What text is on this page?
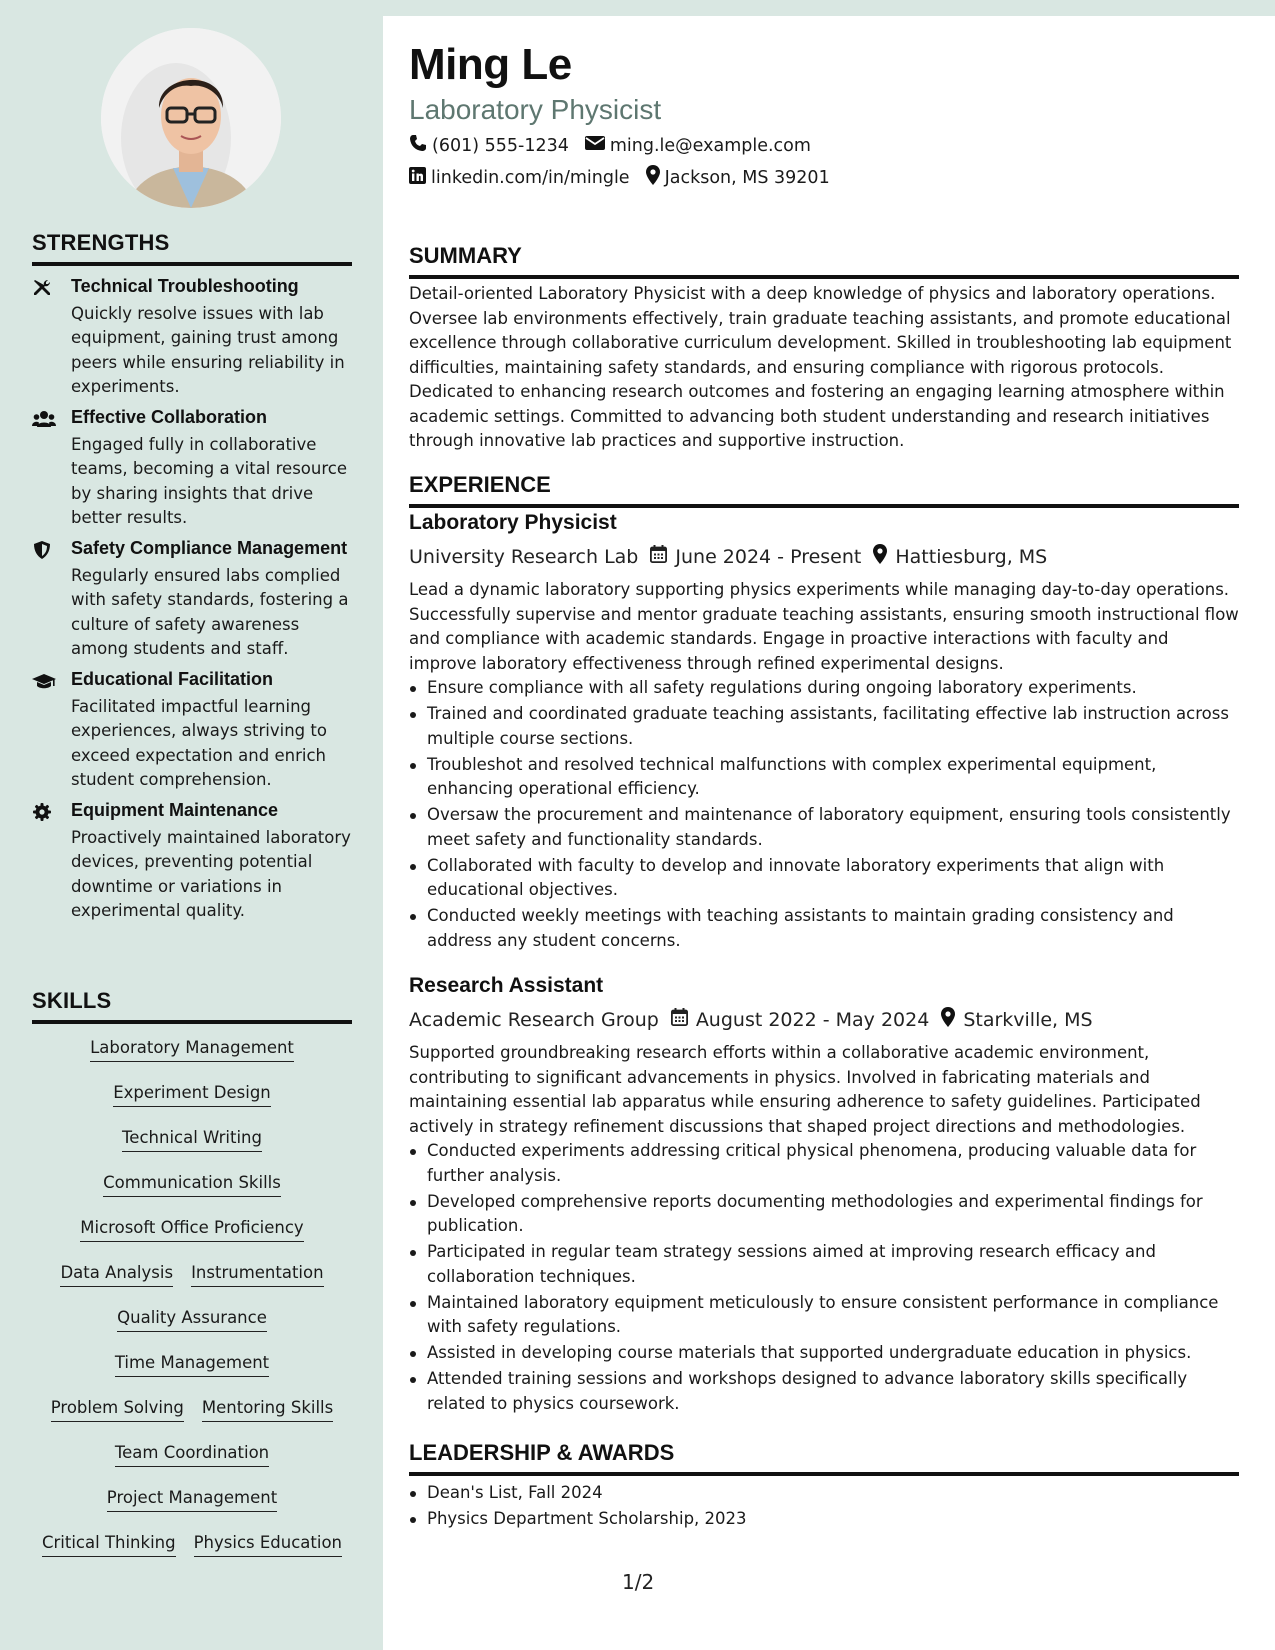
STRENGTHS
Technical Troubleshooting
Quickly resolve issues with lab equipment, gaining trust among peers while ensuring reliability in experiments.
Effective Collaboration
Engaged fully in collaborative teams, becoming a vital resource by sharing insights that drive better results.
Safety Compliance Management
Regularly ensured labs complied with safety standards, fostering a culture of safety awareness among students and staff.
Educational Facilitation
Facilitated impactful learning experiences, always striving to exceed expectation and enrich student comprehension.
Equipment Maintenance
Proactively maintained laboratory devices, preventing potential downtime or variations in experimental quality.
SKILLS
Laboratory Management
Experiment Design
Technical Writing
Communication Skills
Microsoft Office Proficiency
Data Analysis Instrumentation
Quality Assurance
Time Management
Problem Solving Mentoring Skills
Team Coordination
Project Management
Critical Thinking Physics Education
Ming Le
Laboratory Physicist
(601) 555-1234 ming.le@example.com
linkedin.com/in/mingle Jackson, MS 39201
SUMMARY
Detail-oriented Laboratory Physicist with a deep knowledge of physics and laboratory operations. Oversee lab environments effectively, train graduate teaching assistants, and promote educational excellence through collaborative curriculum development. Skilled in troubleshooting lab equipment difficulties, maintaining safety standards, and ensuring compliance with rigorous protocols. Dedicated to enhancing research outcomes and fostering an engaging learning atmosphere within academic settings. Committed to advancing both student understanding and research initiatives through innovative lab practices and supportive instruction.
EXPERIENCE
Laboratory Physicist
University Research Lab June 2024 - Present Hattiesburg, MS
Lead a dynamic laboratory supporting physics experiments while managing day-to-day operations. Successfully supervise and mentor graduate teaching assistants, ensuring smooth instructional flow and compliance with academic standards. Engage in proactive interactions with faculty and improve laboratory effectiveness through refined experimental designs.
Ensure compliance with all safety regulations during ongoing laboratory experiments.
Trained and coordinated graduate teaching assistants, facilitating effective lab instruction across multiple course sections.
Troubleshot and resolved technical malfunctions with complex experimental equipment, enhancing operational efficiency.
Oversaw the procurement and maintenance of laboratory equipment, ensuring tools consistently meet safety and functionality standards.
Collaborated with faculty to develop and innovate laboratory experiments that align with educational objectives.
Conducted weekly meetings with teaching assistants to maintain grading consistency and address any student concerns.
Research Assistant
Academic Research Group August 2022 - May 2024 Starkville, MS
Supported groundbreaking research efforts within a collaborative academic environment, contributing to significant advancements in physics. Involved in fabricating materials and maintaining essential lab apparatus while ensuring adherence to safety guidelines. Participated actively in strategy refinement discussions that shaped project directions and methodologies.
Conducted experiments addressing critical physical phenomena, producing valuable data for further analysis.
Developed comprehensive reports documenting methodologies and experimental findings for publication.
Participated in regular team strategy sessions aimed at improving research efficacy and collaboration techniques.
Maintained laboratory equipment meticulously to ensure consistent performance in compliance with safety regulations.
Assisted in developing course materials that supported undergraduate education in physics.
Attended training sessions and workshops designed to advance laboratory skills specifically related to physics coursework.
LEADERSHIP & AWARDS
Dean's List, Fall 2024
Physics Department Scholarship, 2023
1/2
